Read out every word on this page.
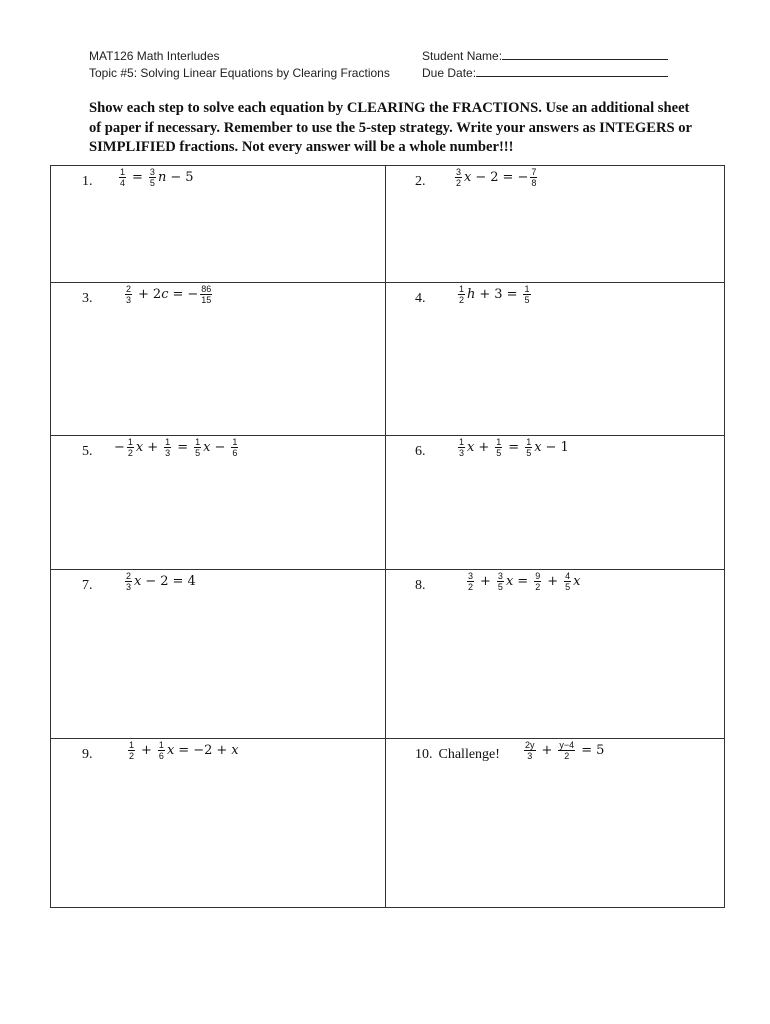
MAT126 Math Interludes
Topic #5: Solving Linear Equations by Clearing Fractions
Student Name:
Due Date:
Show each step to solve each equation by CLEARING the FRACTIONS. Use an additional sheet of paper if necessary. Remember to use the 5-step strategy. Write your answers as INTEGERS or SIMPLIFIED fractions. Not every answer will be a whole number!!!
1.	$\frac{1}{4} = \frac{3}{5}$ n − 5	2.	$\frac{3}{2}$ x − 2 = − $\frac{7}{8}$
3.	$\frac{2}{3} + 2$ c = − $\frac{86}{15}$	4.	$\frac{1}{2}$ $h + 3 = \frac{1}{5}$
5. − $\frac{1}{2}$ $x + \frac{1}{3} = \frac{1}{5}$ $x - \frac{1}{6}$	6.	$\frac{1}{3}$ $x + \frac{1}{5} = \frac{1}{5}$ x − 1
7.	$\frac{2}{3}$ x − 2 = 4	8.	$\frac{3}{2} + \frac{3}{5}$ $x = \frac{9}{2} + \frac{4}{5}$ x
9.	$\frac{1}{2} + \frac{1}{6}$ x = − 2 + x	10. Challenge!	$\frac{2y}{3} + \frac{y-4}{2} = 5$
